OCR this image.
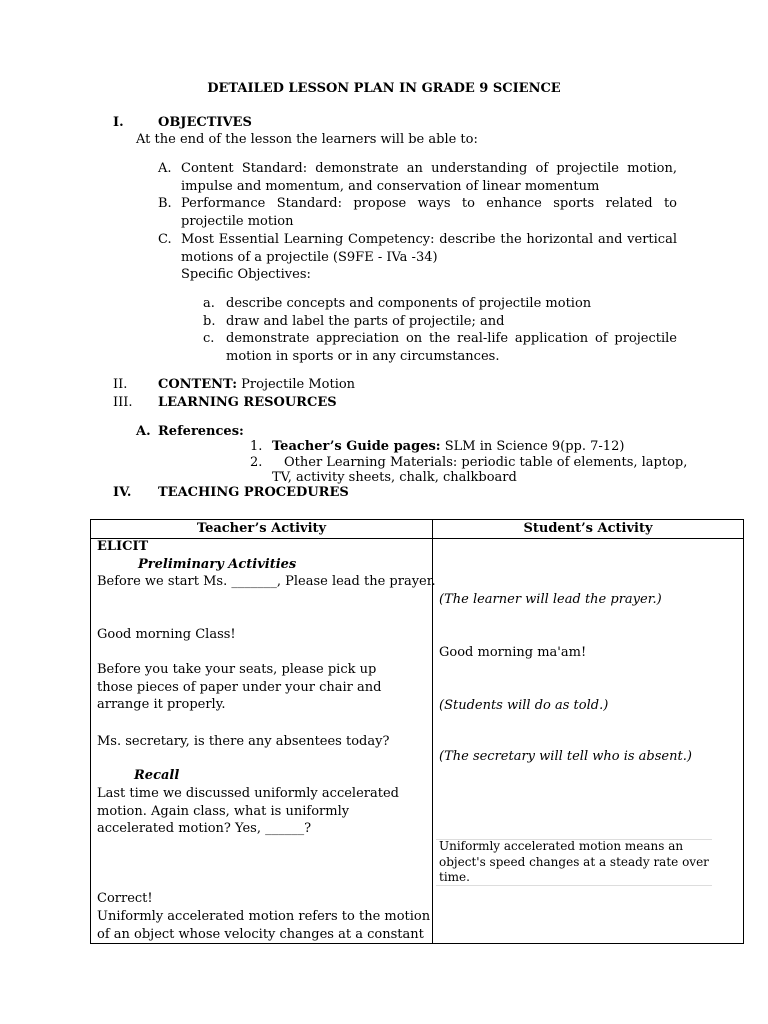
DETAILED LESSON PLAN IN GRADE 9 SCIENCE
I.	OBJECTIVES
At the end of the lesson the learners will be able to:
A. Content Standard: demonstrate an understanding of projectile motion, impulse and momentum, and conservation of linear momentum
B. Performance Standard: propose ways to enhance sports related to projectile motion
C. Most Essential Learning Competency: describe the horizontal and vertical motions of a projectile (S9FE - IVa -34)
Specific Objectives:
a. describe concepts and components of projectile motion
b. draw and label the parts of projectile; and
c. demonstrate appreciation on the real-life application of projectile motion in sports or in any circumstances.
II. CONTENT: Projectile Motion
III. LEARNING RESOURCES
A. References:
1. Teacher’s Guide pages: SLM in Science 9(pp. 7-12)
2. Other Learning Materials: periodic table of elements, laptop,
TV, activity sheets, chalk, chalkboard
IV. TEACHING PROCEDURES
Teacher’s Activity	Student’s Activity
ELICIT
Preliminary Activities
Before we start Ms. _______, Please lead the prayer.
Good morning Class!
Before you take your seats, please pick up those pieces of paper under your chair and arrange it properly.
Ms. secretary, is there any absentees today?
Recall
Last time we discussed uniformly accelerated motion. Again class, what is uniformly accelerated motion? Yes, ______?
Correct!
Uniformly accelerated motion refers to the motion
of an object whose velocity changes at a constant
(The learner will lead the prayer.)
Good morning ma'am!
(Students will do as told.)
(The secretary will tell who is absent.)
Uniformly accelerated motion means an object's speed changes at a steady rate over time.
